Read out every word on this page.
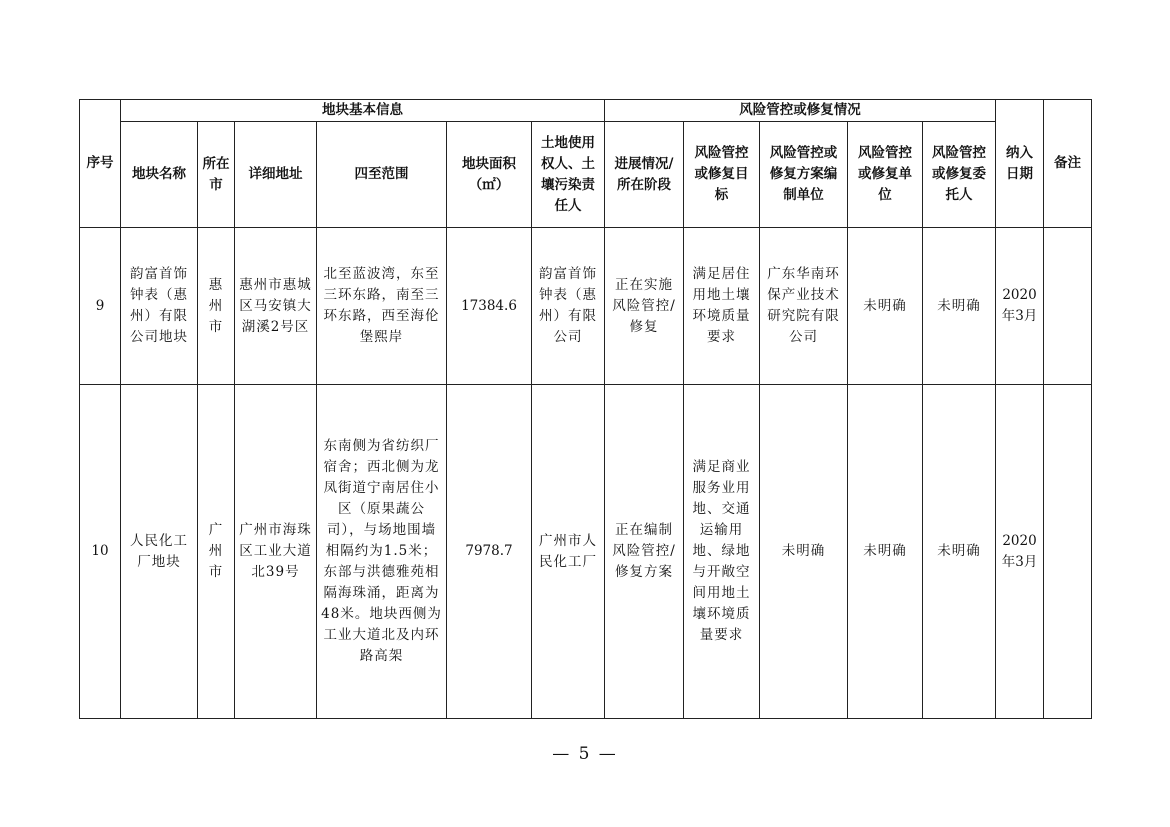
序号	地块基本信息						风险管控或修复情况					纳入日期	备注
	地块名称	所在市	详细地址	四至范围	地块面积（㎡）	土地使用权人、土壤污染责任人	进展情况/所在阶段	风险管控或修复目标	风险管控或修复方案编制单位	风险管控或修复单位	风险管控或修复委托人		
9	韵富首饰钟表（惠州）有限公司地块	惠州市	惠州市惠城区马安镇大湖溪2号区	北至蓝波湾，东至三环东路，南至三环东路，西至海伦堡熙岸	17384.6	韵富首饰钟表（惠州）有限公司	正在实施风险管控/修复	满足居住用地土壤环境质量要求	广东华南环保产业技术研究院有限公司	未明确	未明确	2020年3月	
10	人民化工厂地块	广州市	广州市海珠区工业大道北39号	东南侧为省纺织厂宿舍；西北侧为龙凤街道宁南居住小区（原果蔬公司），与场地围墙相隔约为1.5米；东部与洪德雅苑相隔海珠涌，距离为48米。地块西侧为工业大道北及内环路高架	7978.7	广州市人民化工厂	正在编制风险管控/修复方案	满足商业服务业用地、交通运输用地、绿地与开敞空间用地土壤环境质量要求	未明确	未明确	未明确	2020年3月	
— 5 —
